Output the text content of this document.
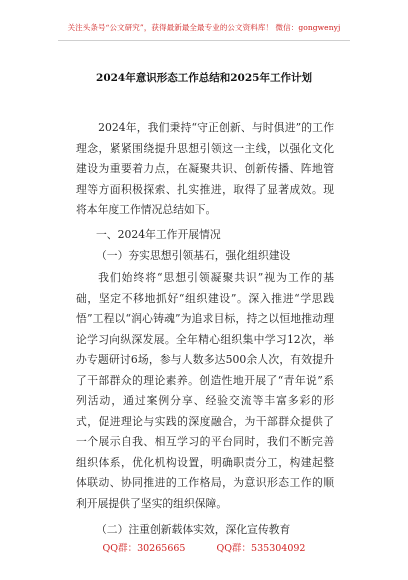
关注头条号“公文研究”，获得最新最全最专业的公文资料库！ 微信：gongwenyj
2024年意识形态工作总结和2025年工作计划
2024年，我们秉持“守正创新、与时俱进”的工作理念，紧紧围绕提升思想引领这一主线，以强化文化建设为重要着力点，在凝聚共识、创新传播、阵地管理等方面积极探索、扎实推进，取得了显著成效。现将本年度工作情况总结如下。
一、2024年工作开展情况
（一）夯实思想引领基石，强化组织建设
我们始终将“思想引领凝聚共识”视为工作的基础，坚定不移地抓好“组织建设”。深入推进“学思践悟”工程以“润心铸魂”为追求目标，持之以恒地推动理论学习向纵深发展。全年精心组织集中学习12次，举办专题研讨6场，参与人数多达500余人次，有效提升了干部群众的理论素养。创造性地开展了“青年说”系列活动，通过案例分享、经验交流等丰富多彩的形式，促进理论与实践的深度融合，为干部群众提供了一个展示自我、相互学习的平台同时，我们不断完善组织体系，优化机构设置，明确职责分工，构建起整体联动、协同推进的工作格局，为意识形态工作的顺利开展提供了坚实的组织保障。
（二）注重创新载体实效，深化宣传教育
QQ群：30265665	QQ群：535304092
